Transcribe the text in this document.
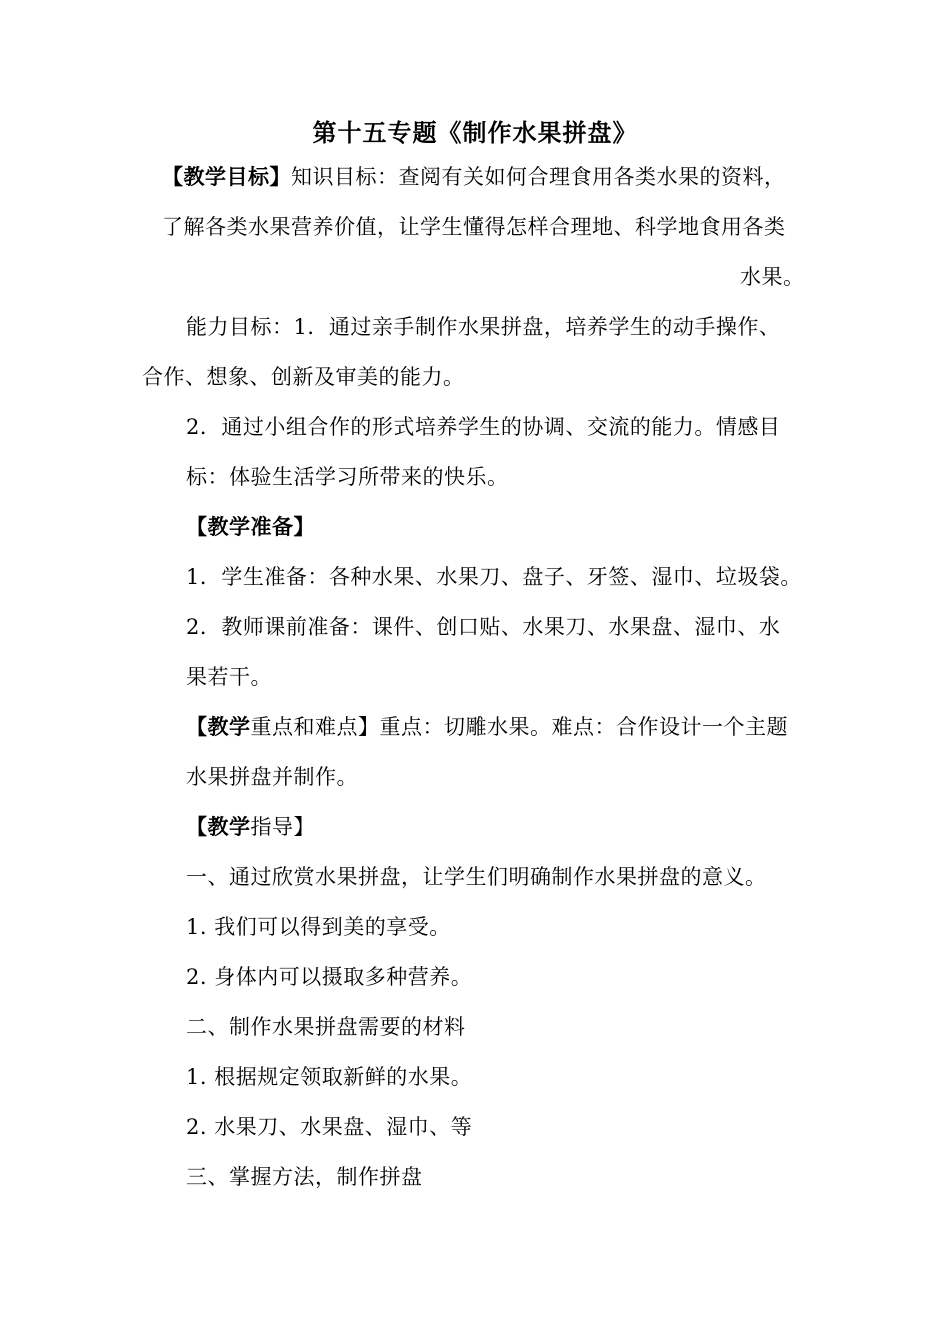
第十五专题《制作水果拼盘》
【教学目标】知识目标：查阅有关如何合理食用各类水果的资料，
了解各类水果营养价值，让学生懂得怎样合理地、科学地食用各类
水果。
能力目标：1．通过亲手制作水果拼盘，培养学生的动手操作、
合作、想象、创新及审美的能力。
2．通过小组合作的形式培养学生的协调、交流的能力。情感目
标：体验生活学习所带来的快乐。
【教学准备】
1．学生准备：各种水果、水果刀、盘子、牙签、湿巾、垃圾袋。
2．教师课前准备：课件、创口贴、水果刀、水果盘、湿巾、水
果若干。
【教学重点和难点】重点：切雕水果。难点：合作设计一个主题
水果拼盘并制作。
【教学指导】
一、通过欣赏水果拼盘，让学生们明确制作水果拼盘的意义。
1. 我们可以得到美的享受。
2. 身体内可以摄取多种营养。
二、制作水果拼盘需要的材料
1. 根据规定领取新鲜的水果。
2. 水果刀、水果盘、湿巾、等
三、掌握方法，制作拼盘
